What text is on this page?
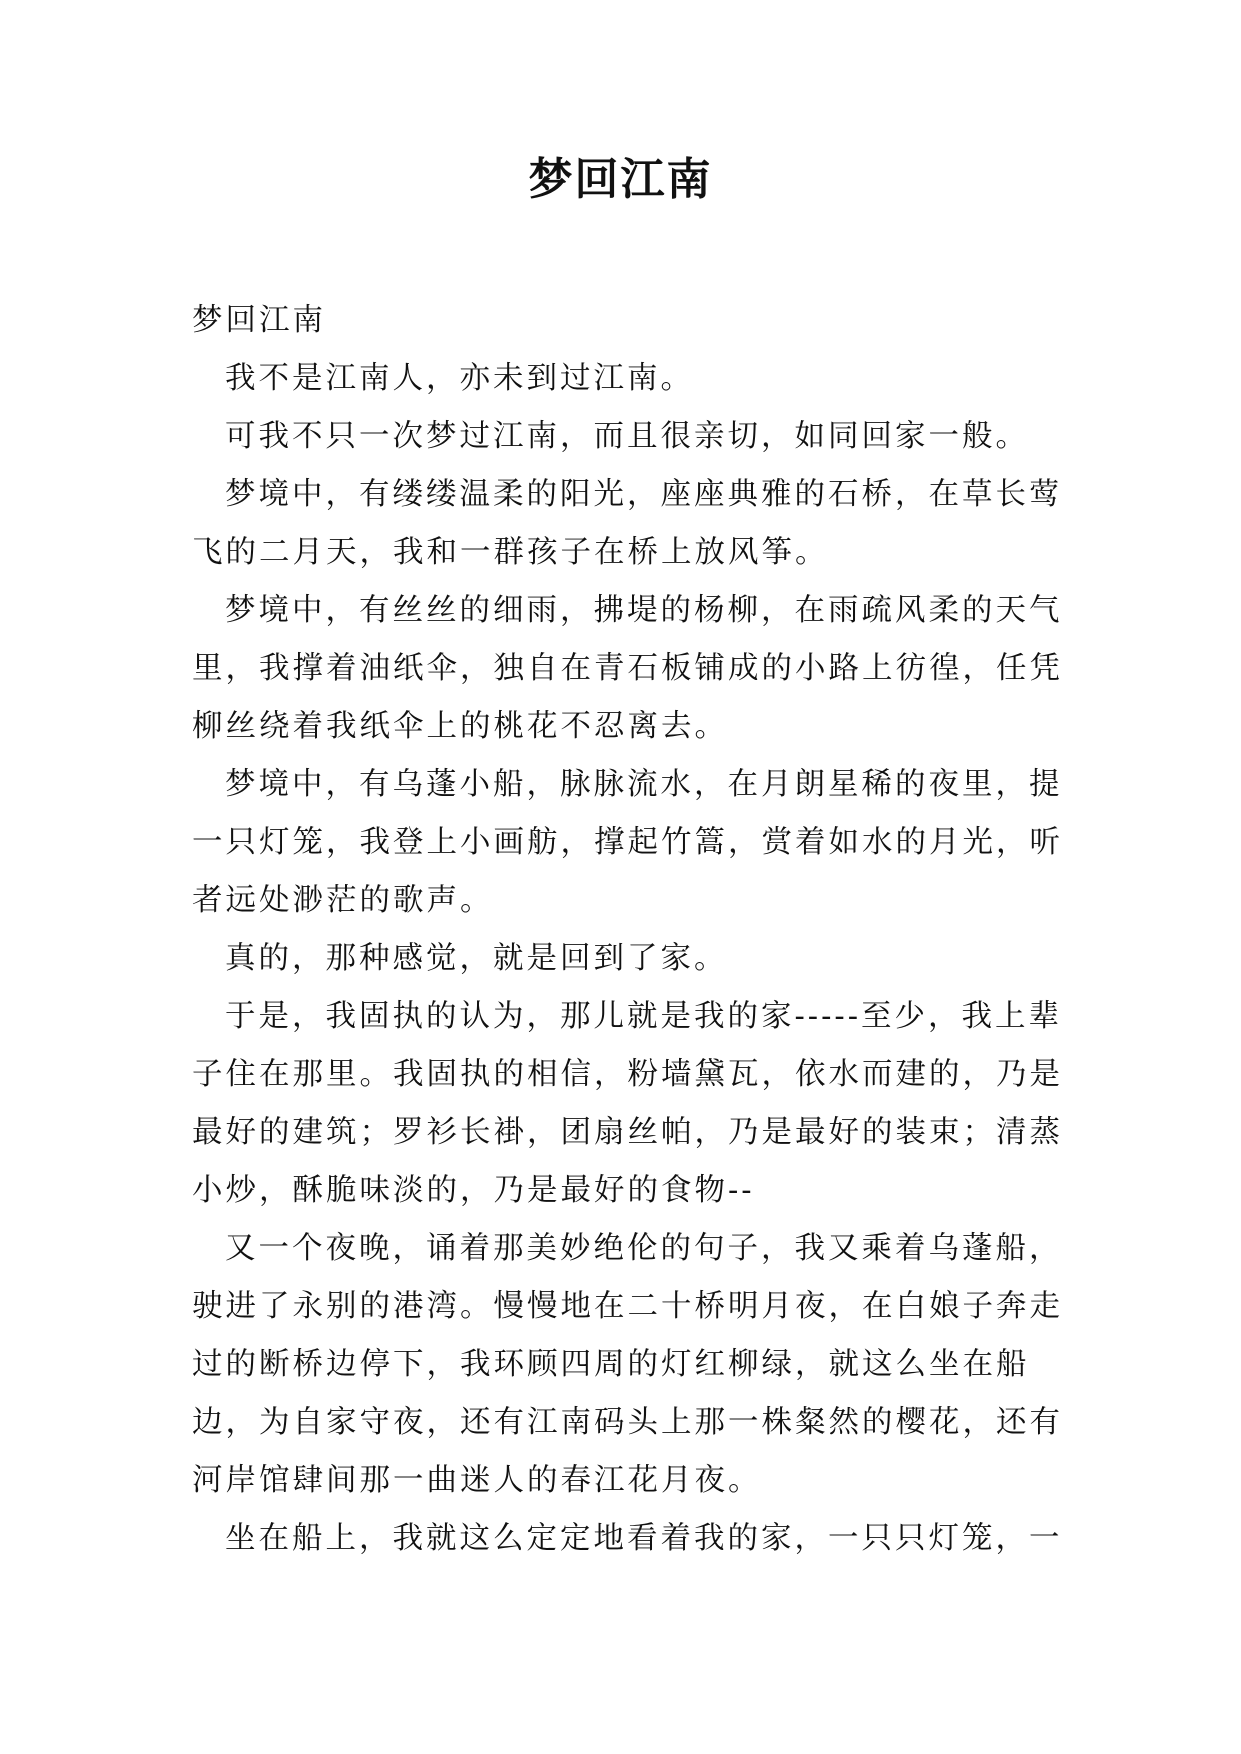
梦回江南

梦回江南

我不是江南人，亦未到过江南。

可我不只一次梦过江南，而且很亲切，如同回家一般。

梦境中，有缕缕温柔的阳光，座座典雅的石桥，在草长莺飞的二月天，我和一群孩子在桥上放风筝。

梦境中，有丝丝的细雨，拂堤的杨柳，在雨疏风柔的天气里，我撑着油纸伞，独自在青石板铺成的小路上彷徨，任凭柳丝绕着我纸伞上的桃花不忍离去。

梦境中，有乌蓬小船，脉脉流水，在月朗星稀的夜里，提一只灯笼，我登上小画舫，撑起竹篙，赏着如水的月光，听者远处渺茫的歌声。

真的，那种感觉，就是回到了家。

于是，我固执的认为，那儿就是我的家-----至少，我上辈子住在那里。我固执的相信，粉墙黛瓦，依水而建的，乃是最好的建筑；罗衫长褂，团扇丝帕，乃是最好的装束；清蒸小炒，酥脆味淡的，乃是最好的食物--

又一个夜晚，诵着那美妙绝伦的句子，我又乘着乌蓬船，驶进了永别的港湾。慢慢地在二十桥明月夜，在白娘子奔走过的断桥边停下，我环顾四周的灯红柳绿，就这么坐在船边，为自家守夜，还有江南码头上那一株粲然的樱花，还有河岸馆肆间那一曲迷人的春江花月夜。

坐在船上，我就这么定定地看着我的家，一只只灯笼，一
